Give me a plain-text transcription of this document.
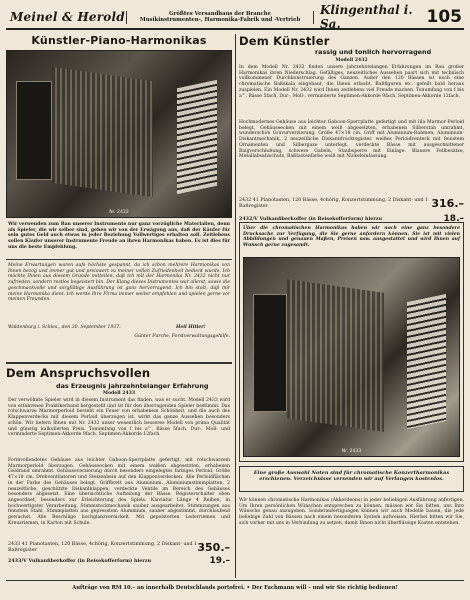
Meinel & Herold	Größtes Versandhaus der Branche
Musikinstrumenten-, Harmonika-Fabrik und -Vertrieb
Klingenthal i. Sa.	105
Künstler-Piano-Harmonikas
Nr. 2432
Wir verwenden zum Bau unserer Instrumente nur ganz vorzügliche Materialien, denn als Spieler, die wir selber sind, gehen wir von der Erwägung aus, daß der Käufer für sein gutes Geld auch etwas in jeder Beziehung Vollwertiges erhalten soll. Zeitlebens sollen Käufer unserer Instrumente Freude an ihren Harmonikas haben. Es ist dies für uns die beste Empfehlung.
Meine Erwartungen waren aufs höchste gespannt, da ich schon mehrere Harmonikas von Ihnen bezog und immer gut und preiswert zu meiner vollen Zufriedenheit bedient wurde. Ich möchte Ihnen aus diesem Grunde mitteilen, daß ich mit der Harmonika Nr. 2432 nicht nur zufrieden, sondern restlos begeistert bin. Der Klang dieses Instrumentes war allerst, sowie die geschmackvolle und sorgfältige Ausführung ist ganz hervorragend. Ich bin stolz, daß mir meine Harmonika dient. Ich werde Ihre Firma immer weiter empfehlen und spielen gerne vor meinen Freunden.
Waldenburg i. Schles., den 30. September 1937.	Heil Hitler!
Günter Furche, Forstverwaltungsgehilfe.
Dem Anspruchsvollen
das Erzeugnis jahrzehntelanger Erfahrung
Modell 2433
Der verwöhnte Spieler wird in diesem Instrument das finden, was er sucht. Modell 2433 wird von erfahrenen Praktikerhand hergestellt und ist für den überragenden Spieler bestimmt. Das rotschwarze Marmorperloid besteht ein Feuer von erhabenem Schönheit, und die auch des Klappenverdecks mit diesem Perloid überzogen ist, wirkt das ganze Aussehen besonders schön. Wir liefern Ihnen mit Nr. 2433 unser wesentlich besseres Modell von prima Qualität und günstig kalkulierten Preis. Tonumfang von f bis a''', Bässe 5fach, Dur-, Moll- und verminderte Septimen-Akkorde 9fach, Septimen-Akkorde 12fach.
Formvollendetes Gehäuse aus leichter Gaboon-Sperrplatte gefertigt, mit rotschwarzem Marmorperloid überzogen. Gehäuseecken mit einem weißen abgesetzten, erhabenen Goldrand umrahmt. Gehäuseverzierung durch besonders eingelegtes farbiges Perloid. Größe 47×18 cm. Drehventilatoren und Stelzenbein auf den Klappenverdecken. Alle Perloidflächen in der Farbe des Gehäuses belegt. Griffbrett aus Aluminium. Aluminiumstimmplatten, 2 neuzeitliche, geschützte Diskantklappen, verdeckte Ventile im Bereich des Gehäuses besonders abgesetzt. Eine übersichtliche Aufteilung der Bässe. Registerschalter oben angeordnet, besonders zur Erleichterung des Spiels. Klaviatur Länge 4 Reihen, in hochwertigster Verarbeitung. Stimmstockmechanik sauber ausgearbeitet. Stimmzungen aus feinstem Stahl, Stimmplatten aus gepresstem Aluminium, sauber abgestimmt, durchlaufend gewachst. Alle Beschläge hochglanzvernickelt. Mit gepolsterten Lederriemen und Kreuzriemen, in Karton mit Schule.
2433 41 Pianotasten, 120 Bässe, 4chörig, Konzertstimmung, 2 Diskant- und 1 Baßregister	350.–
2433/V Vulkanfiberkoffer (in Reisekofferform) hierzu	19.–
Dem Künstler
rassig und tonlich hervorragend
Modell 2432
In dem Modell Nr. 2432 finden unsere jahrzehntelangen Erfahrungen im Bau großer Harmonikas ihren Niederschlag. Gefälliges, neuzeitliches Aussehen paart sich mit technisch vollkommener Durchkonstruierung des Ganzen. Außer den 120 Bässen ist noch eine chromatische Baßskala eingebaut, die Ihnen erlaubt, Baßfiguren etc. gefeilt bald heraus zuspielen. Ein Modell Nr. 2432 wird Ihnen zeitlebens viel Freude machen. Tonumfang von f bis a''', Bässe 5fach, Dur-, Moll-, verminderte Septimen-Akkorde 9fach, Septimen-Akkorde 12fach.
Hochmodernes Gehäuse aus leichter Gaboon-Sperrplatte gefertigt und mit lila Marmor-Perloid belegt, Gehäuseecken mit einem weiß abgesetzten, erhabenen Silberstab umrahmt, wunderschön Gravurverzierung. Größe 47×18 cm. Griff mit Aluminium-Rahmen, Aluminium-Diskantmechanik, 2 neuzeitliche Diskantdruckregister, weißes Perloidventeck mit feinstem Ornamenten und Silbergaze unterlegt, verdeckte Bässe mit ausgeschnittener Balgverschlußung, schwere Gabeln, Staubsperre mit Einlage. Blauere Fellbesätze, Metallabsatzschutz, Baßtastenfarbe weiß mit Nickeleinfassung.
2432 41 Pianotasten, 120 Bässe, 4chörig, Konzertstimmung, 2 Diskant- und 1 Baßregister	316.–
2432/V Vulkanfiberkoffer (in Reisekofferform) hierzu	18.–
Über die chromatischen Harmonikas haben wir noch eine ganz besondere Drucksache zur Verfügung, die Sie gerne anfordern können. Sie ist mit vielen Abbildungen und genauen Maßen, Preisen usw. ausgestattet und wird Ihnen auf Wunsch gerne zugesandt.
Nr. 2433
Eine große Auswahl Noten sind für chromatische Konzertharmonikas erschienen. Verzeichnisse versenden wir auf Verlangen kostenlos.
Wir können chromatische Harmonikas (Akkordeons) in jeder beliebigen Ausführung anfertigen. Um Ihren persönlichen Wünschen entsprechen zu können, müssen wir Sie bitten, uns Ihre Wünsche genau anzugeben. Sonderanfertigungen können wir auch Modelle bauen, die jede beliebige Zahl von Bässen nach einem besonderen System aufweisen. Hierbei bitten wir Sie, sich vorher mit uns in Verbindung zu setzen, damit Ihnen nicht überflüssige Kosten entstehen.
Aufträge von RM 10.– an innerhalb Deutschlands portofrei. • Der Fachmann will – und wir Sie richtig bedienen!
